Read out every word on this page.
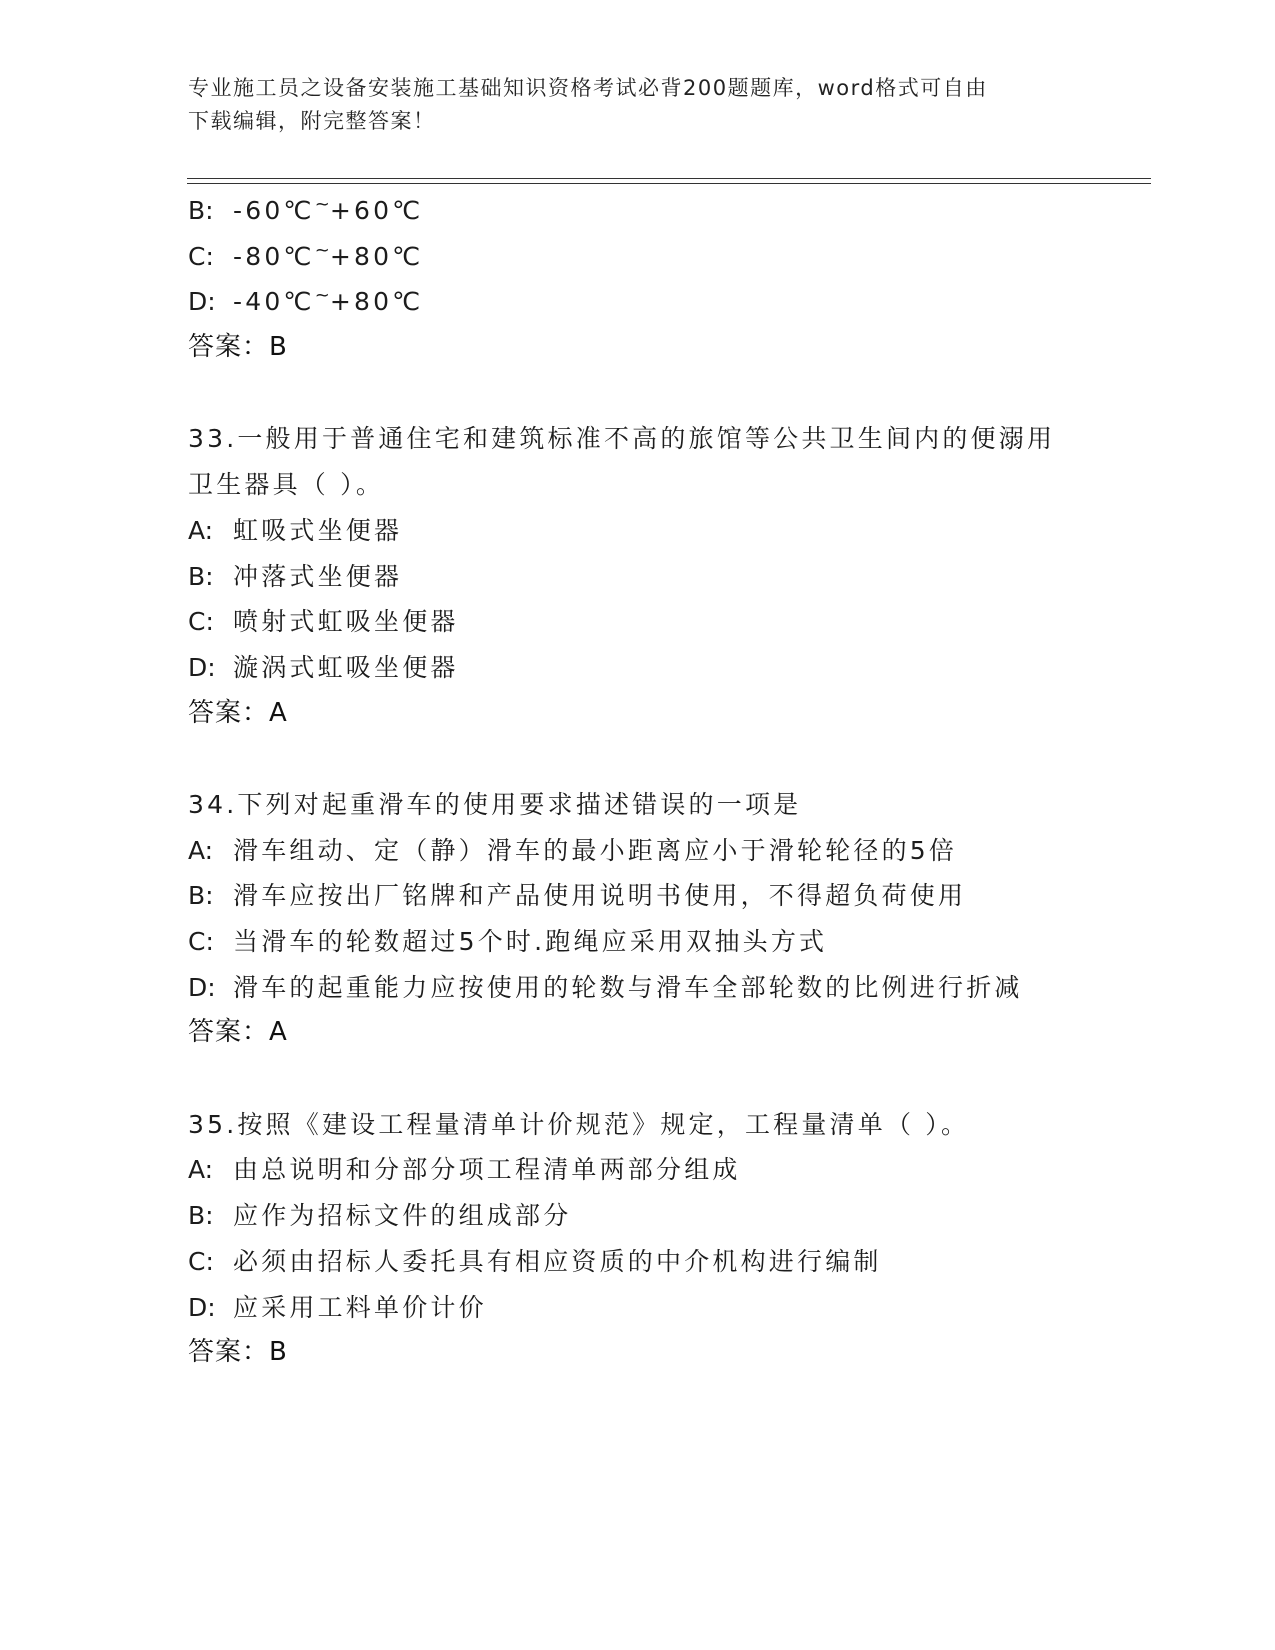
专业施工员之设备安装施工基础知识资格考试必背200题题库，word格式可自由
下载编辑，附完整答案！
B: -60℃~+60℃
C: -80℃~+80℃
D: -40℃~+80℃
答案：B
33.一般用于普通住宅和建筑标准不高的旅馆等公共卫生间内的便溺用
卫生器具（ ）。
A: 虹吸式坐便器
B: 冲落式坐便器
C: 喷射式虹吸坐便器
D: 漩涡式虹吸坐便器
答案：A
34.下列对起重滑车的使用要求描述错误的一项是
A: 滑车组动、定（静）滑车的最小距离应小于滑轮轮径的5倍
B: 滑车应按出厂铭牌和产品使用说明书使用，不得超负荷使用
C: 当滑车的轮数超过5个时.跑绳应采用双抽头方式
D: 滑车的起重能力应按使用的轮数与滑车全部轮数的比例进行折减
答案：A
35.按照《建设工程量清单计价规范》规定，工程量清单（ ）。
A: 由总说明和分部分项工程清单两部分组成
B: 应作为招标文件的组成部分
C: 必须由招标人委托具有相应资质的中介机构进行编制
D: 应采用工料单价计价
答案：B
